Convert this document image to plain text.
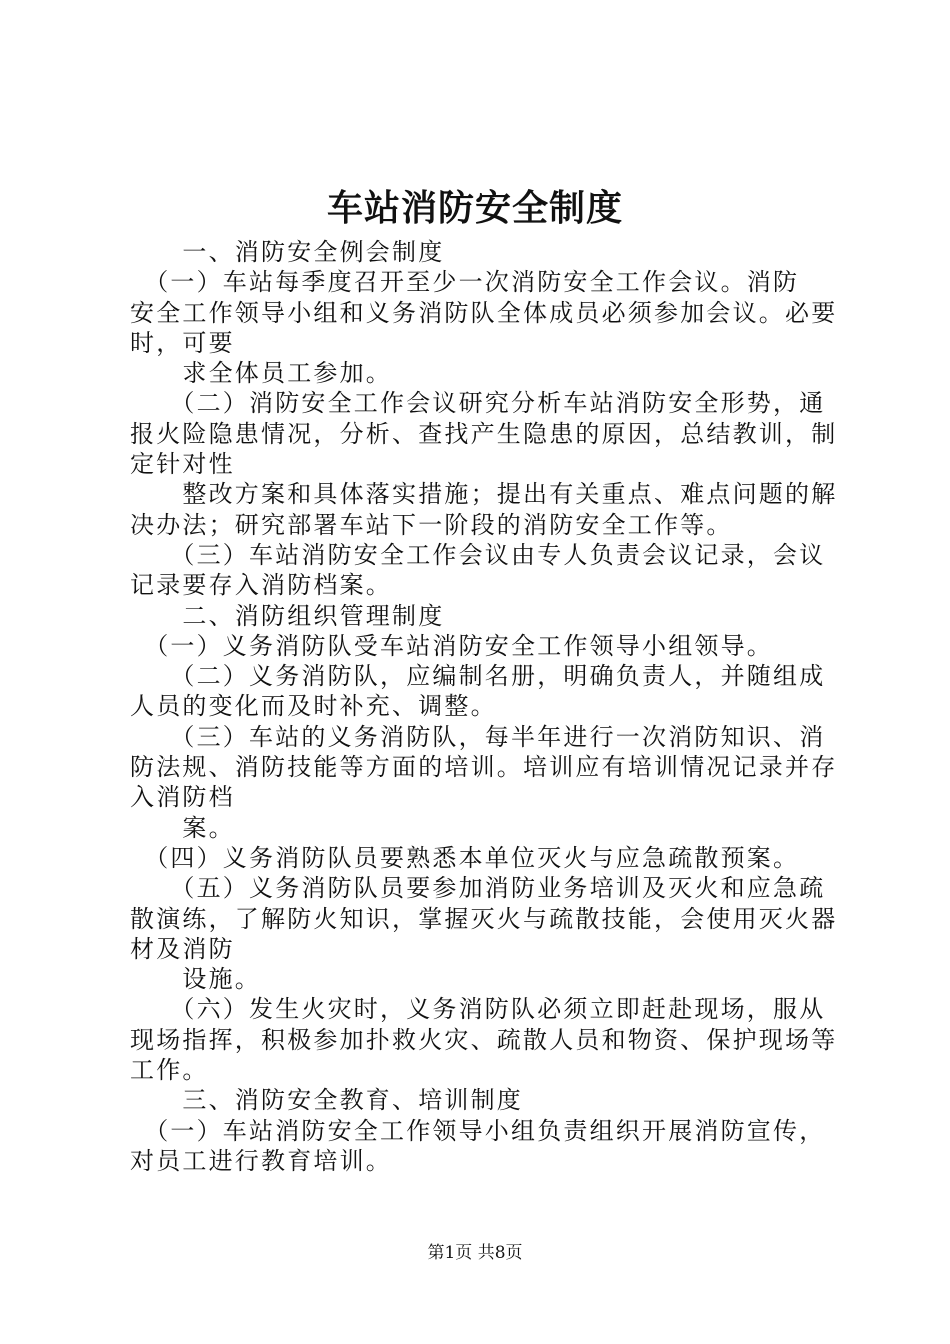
车站消防安全制度
　　一、消防安全例会制度
　（一）车站每季度召开至少一次消防安全工作会议。消防
安全工作领导小组和义务消防队全体成员必须参加会议。必要
时，可要
　　求全体员工参加。
　　（二）消防安全工作会议研究分析车站消防安全形势，通
报火险隐患情况，分析、查找产生隐患的原因，总结教训，制
定针对性
　　整改方案和具体落实措施；提出有关重点、难点问题的解
决办法；研究部署车站下一阶段的消防安全工作等。
　　（三）车站消防安全工作会议由专人负责会议记录，会议
记录要存入消防档案。
　　二、消防组织管理制度
　（一）义务消防队受车站消防安全工作领导小组领导。
　　（二）义务消防队，应编制名册，明确负责人，并随组成
人员的变化而及时补充、调整。
　　（三）车站的义务消防队，每半年进行一次消防知识、消
防法规、消防技能等方面的培训。培训应有培训情况记录并存
入消防档
　　案。
　（四）义务消防队员要熟悉本单位灭火与应急疏散预案。
　　（五）义务消防队员要参加消防业务培训及灭火和应急疏
散演练，了解防火知识，掌握灭火与疏散技能，会使用灭火器
材及消防
　　设施。
　　（六）发生火灾时，义务消防队必须立即赶赴现场，服从
现场指挥，积极参加扑救火灾、疏散人员和物资、保护现场等
工作。
　　三、消防安全教育、培训制度
　（一）车站消防安全工作领导小组负责组织开展消防宣传，
对员工进行教育培训。
第1页 共8页
